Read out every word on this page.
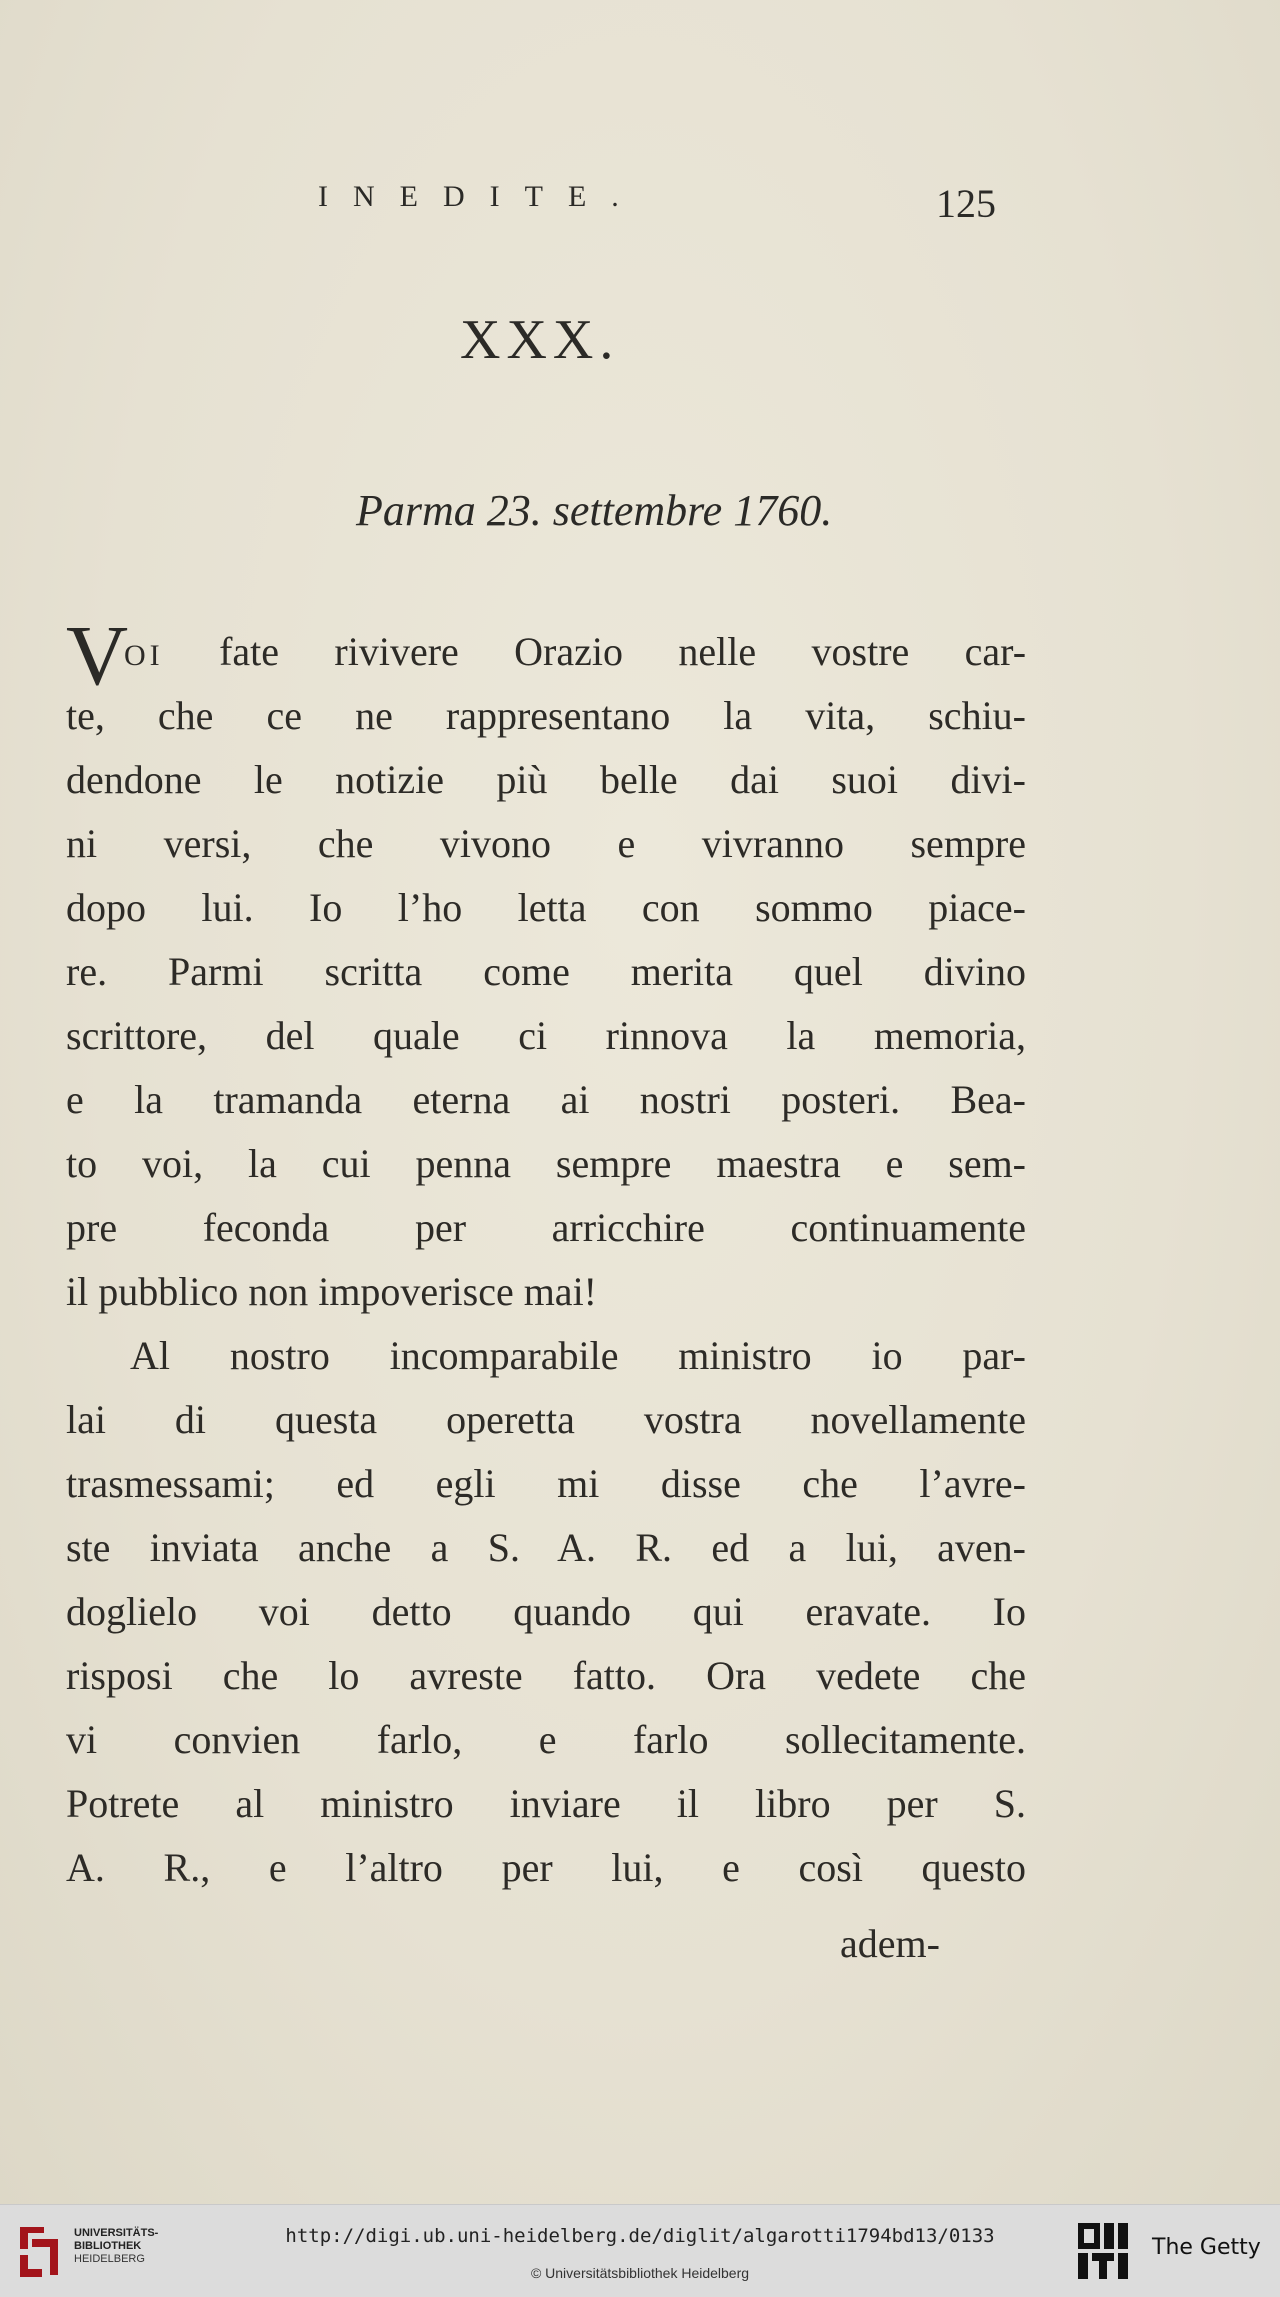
INEDITE.	125
XXX.
Parma 23. settembre 1760.
V
OI fate rivivere Orazio nelle vostre car-
te, che ce ne rappresentano la vita, schiu-
dendone le notizie più belle dai suoi divi-
ni versi, che vivono e vivranno sempre
dopo lui. Io l’ho letta con sommo piace-
re. Parmi scritta come merita quel divino
scrittore, del quale ci rinnova la memoria,
e la tramanda eterna ai nostri posteri. Bea-
to voi, la cui penna sempre maestra e sem-
pre feconda per arricchire continuamente
il pubblico non impoverisce mai!
Al nostro incomparabile ministro io par-
lai di questa operetta vostra novellamente
trasmessami; ed egli mi disse che l’avre-
ste inviata anche a S. A. R. ed a lui, aven-
doglielo voi detto quando qui eravate. Io
risposi che lo avreste fatto. Ora vedete che
vi convien farlo, e farlo sollecitamente.
Potrete al ministro inviare il libro per S.
A. R., e l’altro per lui, e così questo
adem-
UNIVERSITÄTS-
BIBLIOTHEK
HEIDELBERG
http://digi.ub.uni-heidelberg.de/diglit/algarotti1794bd13/0133
© Universitätsbibliothek Heidelberg
The Getty
